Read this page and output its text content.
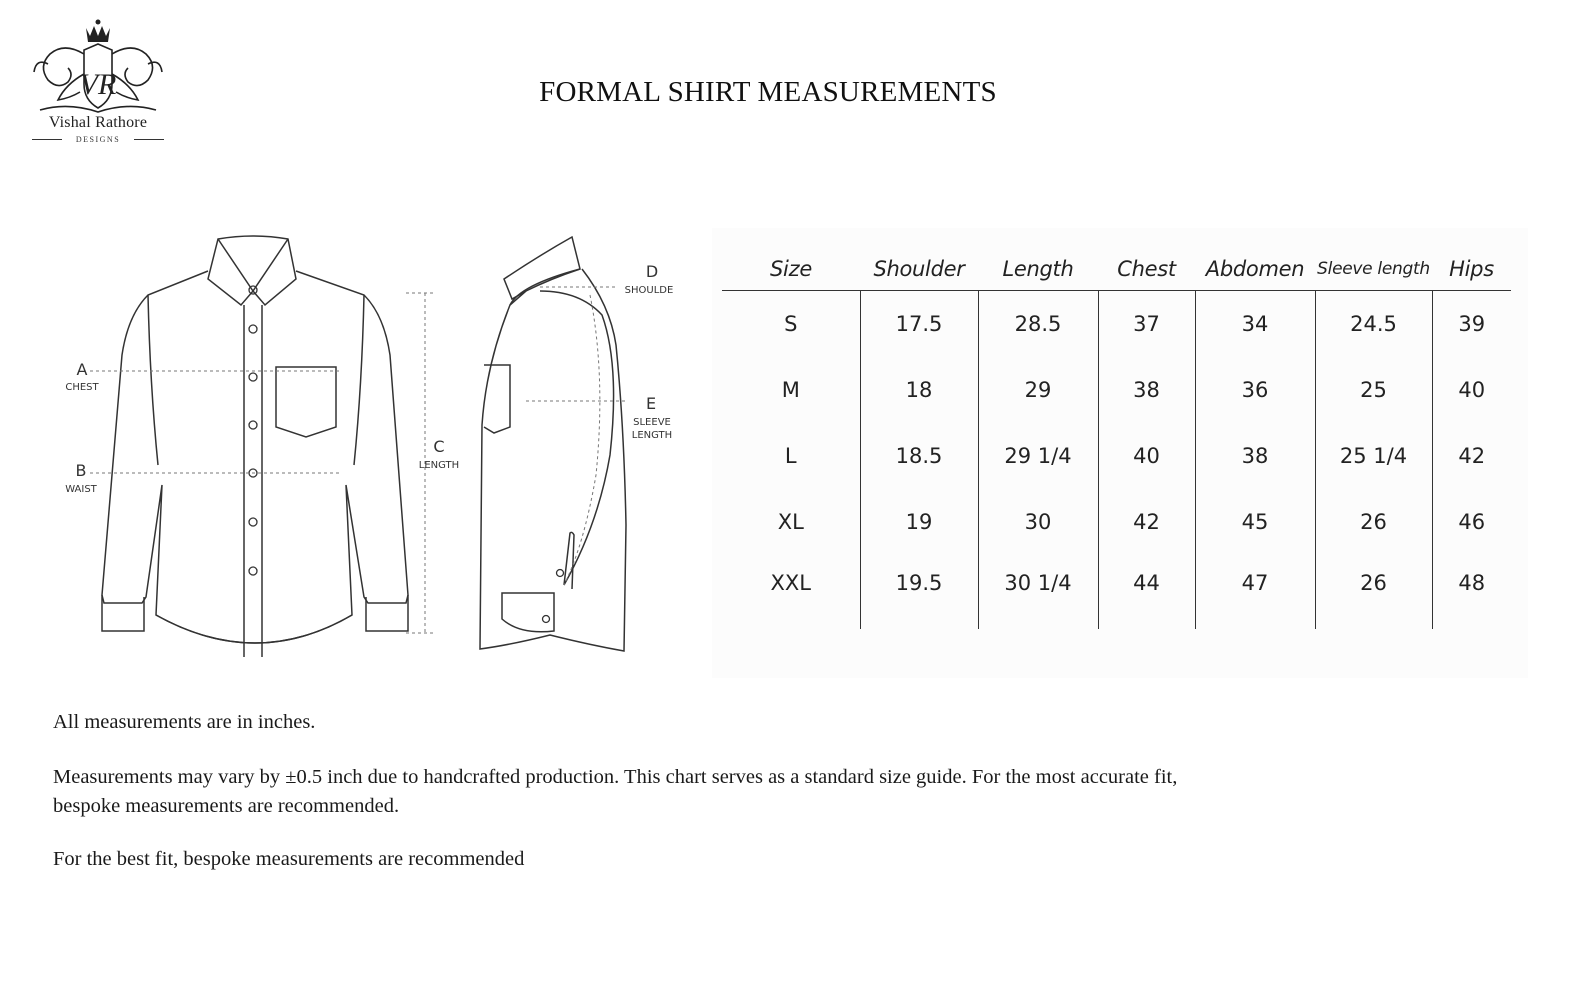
VR
Vishal Rathore
DESIGNS
FORMAL SHIRT MEASUREMENTS
A
CHEST
B
WAIST
C
LENGTH
D
SHOULDE
E
SLEEVE
LENGTH
Size	Shoulder	Length	Chest	Abdomen	Sleeve length	Hips
S	17.5	28.5	37	34	24.5	39
M	18	29	38	36	25	40
L	18.5	29 1/4	40	38	25 1/4	42
XL	19	30	42	45	26	46
XXL	19.5	30 1/4	44	47	26	48

All measurements are in inches.

Measurements may vary by ±0.5 inch due to handcrafted production. This chart serves as a standard size guide. For the most accurate fit, bespoke measurements are recommended.

For the best fit, bespoke measurements are recommended
